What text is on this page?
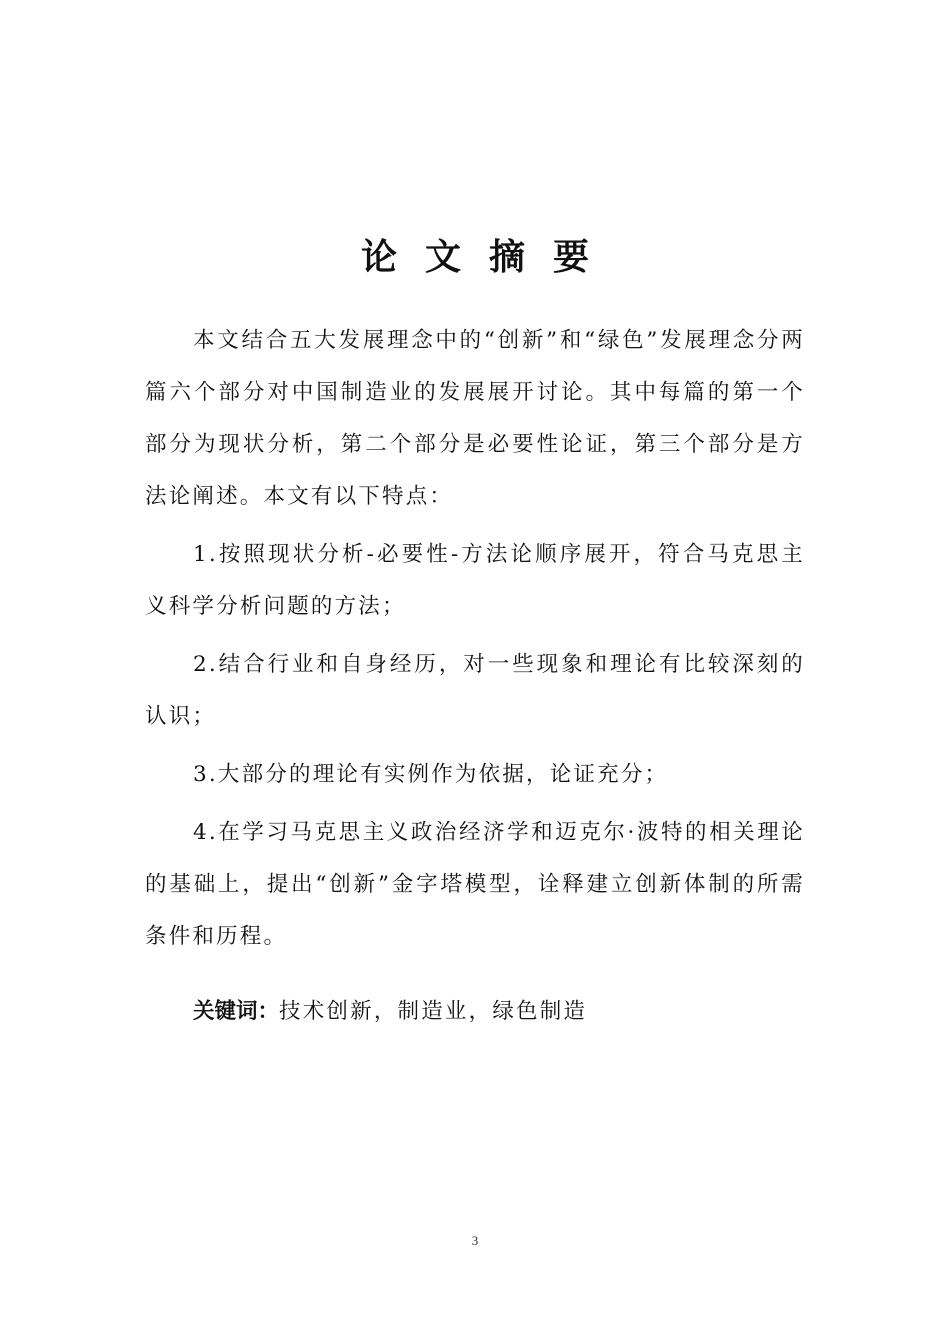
论文摘要

本文结合五大发展理念中的“创新”和“绿色”发展理念分两篇六个部分对中国制造业的发展展开讨论。其中每篇的第一个部分为现状分析，第二个部分是必要性论证，第三个部分是方法论阐述。本文有以下特点：

1.按照现状分析-必要性-方法论顺序展开，符合马克思主义科学分析问题的方法；

2.结合行业和自身经历，对一些现象和理论有比较深刻的认识；

3.大部分的理论有实例作为依据，论证充分；

4.在学习马克思主义政治经济学和迈克尔·波特的相关理论的基础上，提出“创新”金字塔模型，诠释建立创新体制的所需条件和历程。

关键词：技术创新，制造业，绿色制造

3
